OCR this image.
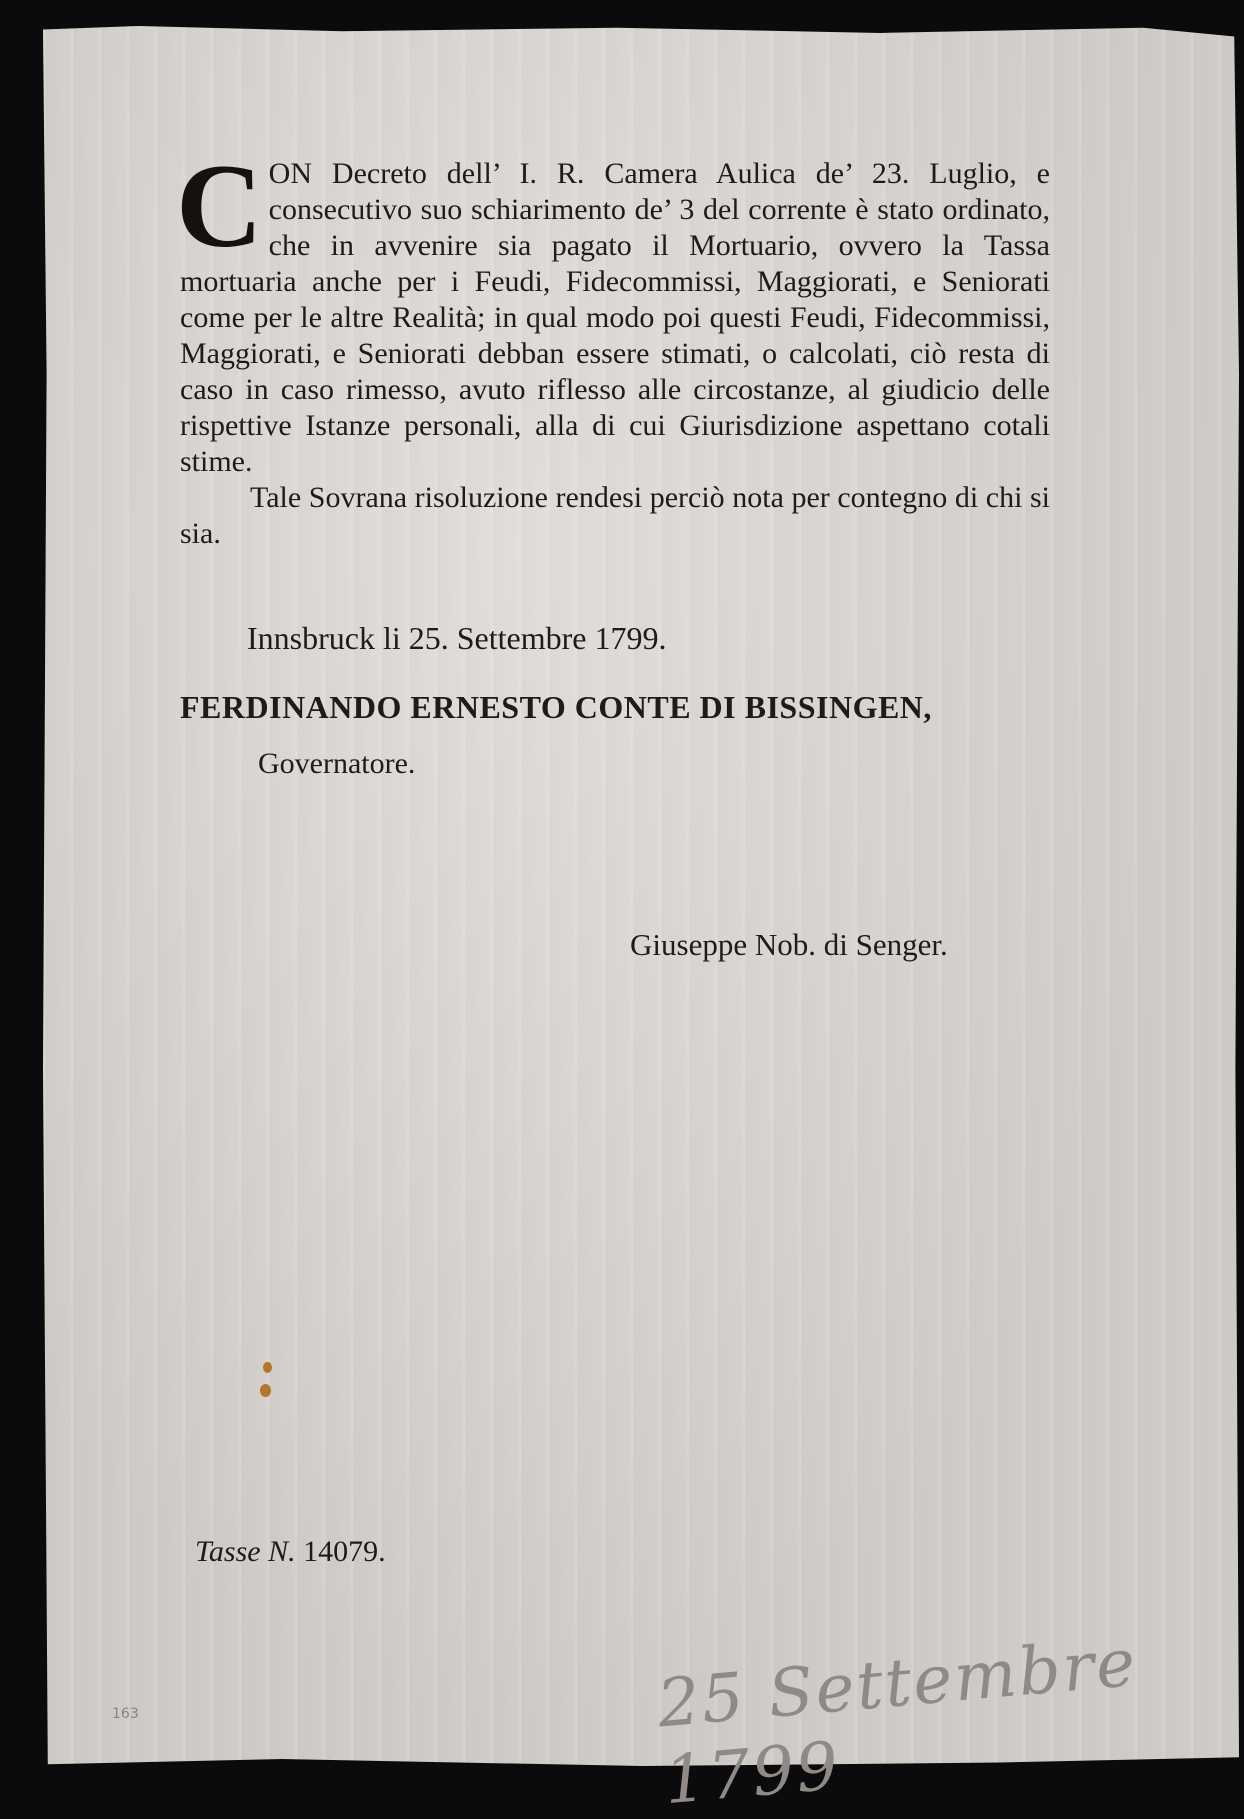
CON Decreto dell’ I. R. Camera Aulica de’ 23. Luglio, e consecutivo suo schiarimento de’ 3 del corrente è stato ordinato, che in avvenire sia pagato il Mortuario, ovvero la Tassa mortuaria anche per i Feudi, Fidecommissi, Maggiorati, e Seniorati come per le altre Realità; in qual modo poi questi Feudi, Fidecommissi, Maggiorati, e Seniorati debban essere stimati, o calcolati, ciò resta di caso in caso rimesso, avuto riflesso alle circostanze, al giudicio delle rispettive Istanze personali, alla di cui Giurisdizione aspettano cotali stime.

Tale Sovrana risoluzione rendesi perciò nota per contegno di chi si sia.

Innsbruck li 25. Settembre 1799.
FERDINANDO ERNESTO CONTE DI BISSINGEN,
Governatore.
Giuseppe Nob. di Senger.
Tasse N. 14079.
25 Settembre 1799
163
